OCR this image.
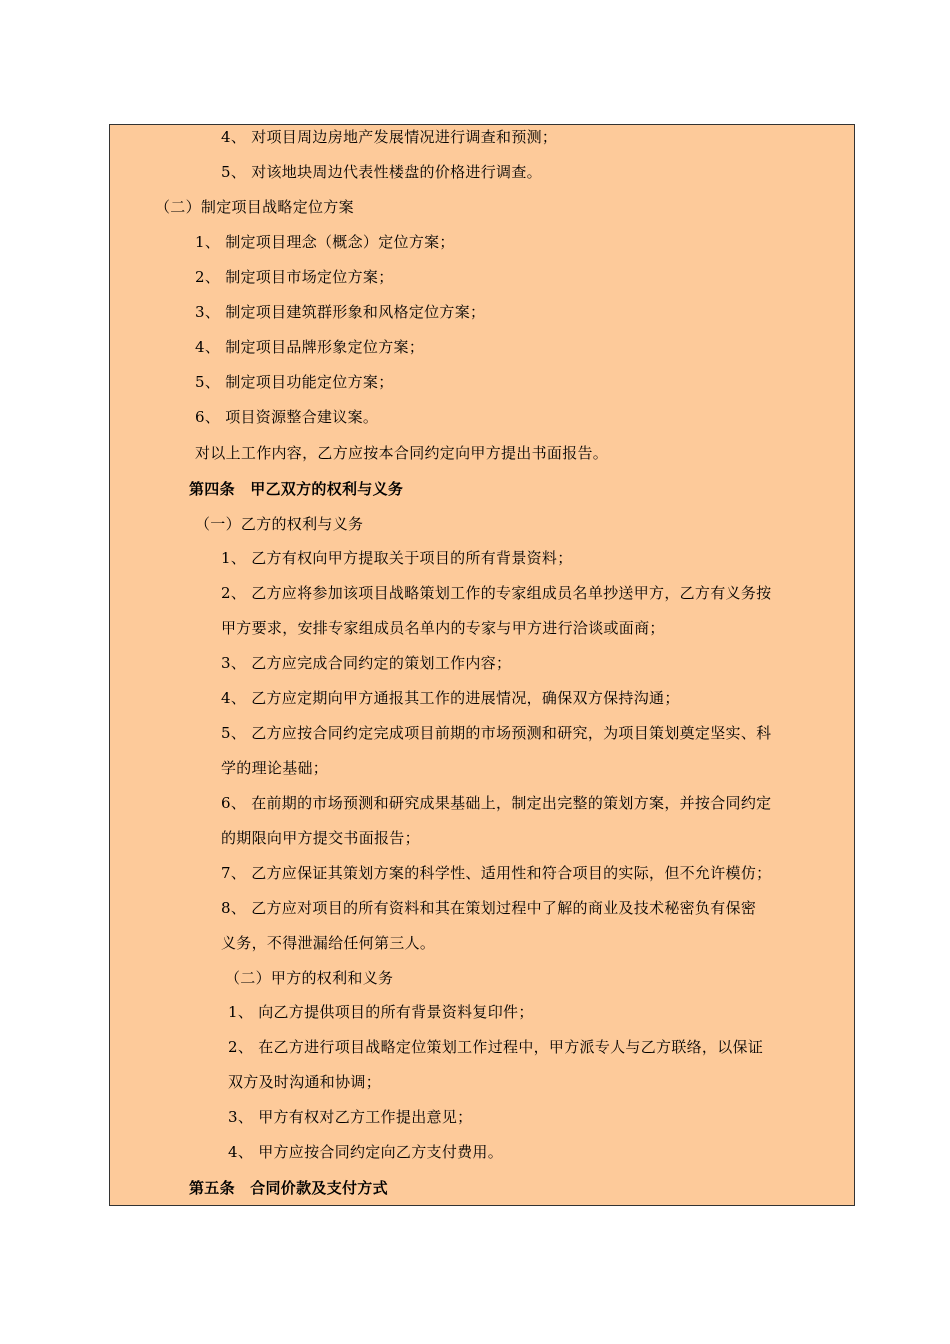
4、 对项目周边房地产发展情况进行调查和预测；
5、 对该地块周边代表性楼盘的价格进行调查。
（二）制定项目战略定位方案
1、 制定项目理念（概念）定位方案；
2、 制定项目市场定位方案；
3、 制定项目建筑群形象和风格定位方案；
4、 制定项目品牌形象定位方案；
5、 制定项目功能定位方案；
6、 项目资源整合建议案。
对以上工作内容，乙方应按本合同约定向甲方提出书面报告。
第四条　甲乙双方的权利与义务
（一）乙方的权利与义务
1、 乙方有权向甲方提取关于项目的所有背景资料；
2、 乙方应将参加该项目战略策划工作的专家组成员名单抄送甲方，乙方有义务按
甲方要求，安排专家组成员名单内的专家与甲方进行洽谈或面商；
3、 乙方应完成合同约定的策划工作内容；
4、 乙方应定期向甲方通报其工作的进展情况，确保双方保持沟通；
5、 乙方应按合同约定完成项目前期的市场预测和研究，为项目策划奠定坚实、科
学的理论基础；
6、 在前期的市场预测和研究成果基础上，制定出完整的策划方案，并按合同约定
的期限向甲方提交书面报告；
7、 乙方应保证其策划方案的科学性、适用性和符合项目的实际，但不允许模仿；
8、 乙方应对项目的所有资料和其在策划过程中了解的商业及技术秘密负有保密
义务，不得泄漏给任何第三人。
（二）甲方的权利和义务
1、 向乙方提供项目的所有背景资料复印件；
2、 在乙方进行项目战略定位策划工作过程中，甲方派专人与乙方联络，以保证
双方及时沟通和协调；
3、 甲方有权对乙方工作提出意见；
4、 甲方应按合同约定向乙方支付费用。
第五条　合同价款及支付方式
